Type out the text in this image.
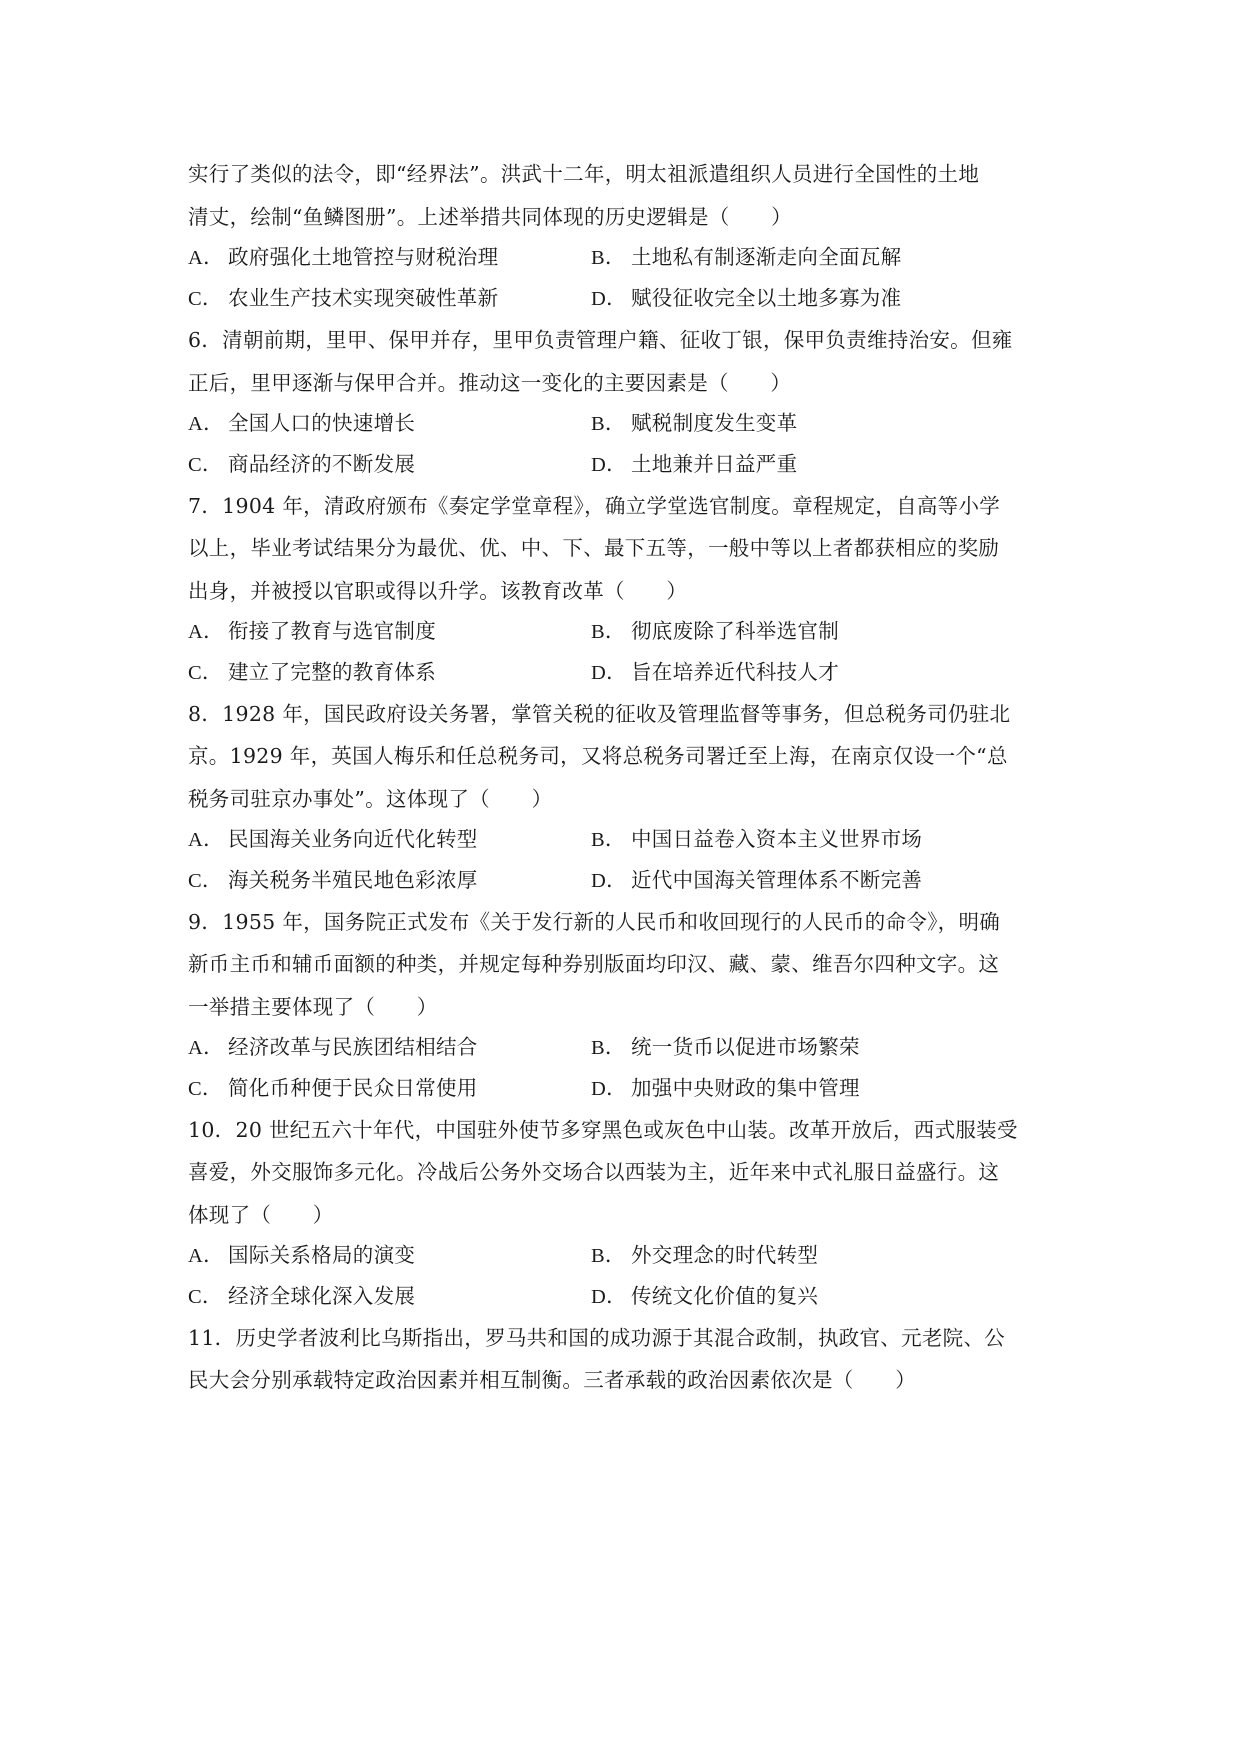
实行了类似的法令，即“经界法”。洪武十二年，明太祖派遣组织人员进行全国性的土地
清丈，绘制“鱼鳞图册”。上述举措共同体现的历史逻辑是（　　）
A． 政府强化土地管控与财税治理	B． 土地私有制逐渐走向全面瓦解
C． 农业生产技术实现突破性革新	D． 赋役征收完全以土地多寡为准
6．清朝前期，里甲、保甲并存，里甲负责管理户籍、征收丁银，保甲负责维持治安。但雍
正后，里甲逐渐与保甲合并。推动这一变化的主要因素是（　　）
A． 全国人口的快速增长	B． 赋税制度发生变革
C． 商品经济的不断发展	D． 土地兼并日益严重
7．1904 年，清政府颁布《奏定学堂章程》，确立学堂选官制度。章程规定，自高等小学
以上，毕业考试结果分为最优、优、中、下、最下五等，一般中等以上者都获相应的奖励
出身，并被授以官职或得以升学。该教育改革（　　）
A． 衔接了教育与选官制度	B． 彻底废除了科举选官制
C． 建立了完整的教育体系	D． 旨在培养近代科技人才
8．1928 年，国民政府设关务署，掌管关税的征收及管理监督等事务，但总税务司仍驻北
京。1929 年，英国人梅乐和任总税务司，又将总税务司署迁至上海，在南京仅设一个“总
税务司驻京办事处”。这体现了（　　）
A． 民国海关业务向近代化转型	B． 中国日益卷入资本主义世界市场
C． 海关税务半殖民地色彩浓厚	D． 近代中国海关管理体系不断完善
9．1955 年，国务院正式发布《关于发行新的人民币和收回现行的人民币的命令》，明确
新币主币和辅币面额的种类，并规定每种券别版面均印汉、藏、蒙、维吾尔四种文字。这
一举措主要体现了（　　）
A． 经济改革与民族团结相结合	B． 统一货币以促进市场繁荣
C． 简化币种便于民众日常使用	D． 加强中央财政的集中管理
10．20 世纪五六十年代，中国驻外使节多穿黑色或灰色中山装。改革开放后，西式服装受
喜爱，外交服饰多元化。冷战后公务外交场合以西装为主，近年来中式礼服日益盛行。这
体现了（　　）
A． 国际关系格局的演变	B． 外交理念的时代转型
C． 经济全球化深入发展	D． 传统文化价值的复兴
11．历史学者波利比乌斯指出，罗马共和国的成功源于其混合政制，执政官、元老院、公
民大会分别承载特定政治因素并相互制衡。三者承载的政治因素依次是（　　）
